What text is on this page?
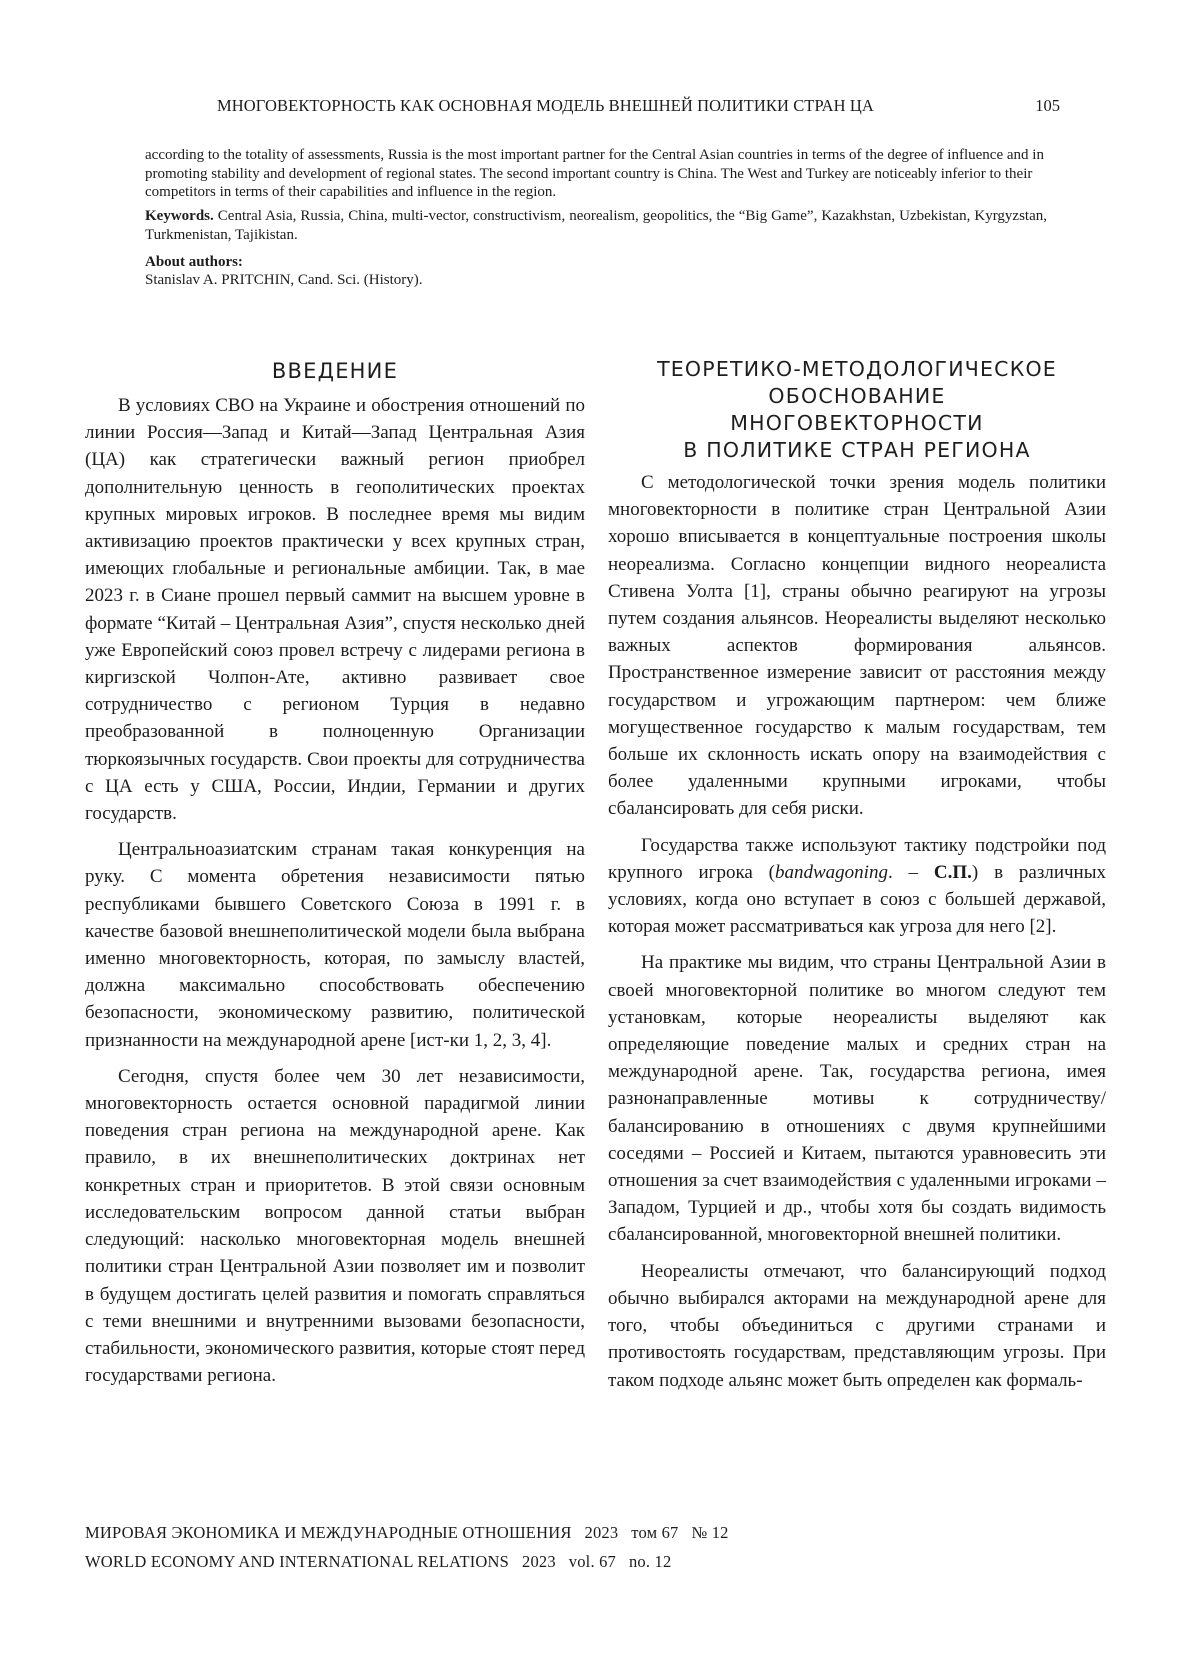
МНОГОВЕКТОРНОСТЬ КАК ОСНОВНАЯ МОДЕЛЬ ВНЕШНЕЙ ПОЛИТИКИ СТРАН ЦА	105

according to the totality of assessments, Russia is the most important partner for the Central Asian countries in terms of the degree of influence and in promoting stability and development of regional states. The second important country is China. The West and Turkey are noticeably inferior to their competitors in terms of their capabilities and influence in the region.

Keywords. Central Asia, Russia, China, multi-vector, constructivism, neorealism, geopolitics, the “Big Game”, Kazakhstan, Uzbekistan, Kyrgyzstan, Turkmenistan, Tajikistan.

About authors:

Stanislav A. PRITCHIN, Cand. Sci. (History).

ВВЕДЕНИЕ

В условиях СВО на Украине и обострения отношений по линии Россия—Запад и Китай—Запад Центральная Азия (ЦА) как стратегически важный регион приобрел дополнительную ценность в геополитических проектах крупных мировых игроков. В последнее время мы видим активизацию проектов практически у всех крупных стран, имеющих глобальные и региональные амбиции. Так, в мае 2023 г. в Сиане прошел первый саммит на высшем уровне в формате “Китай – Центральная Азия”, спустя несколько дней уже Европейский союз провел встречу с лидерами региона в киргизской Чолпон-Ате, активно развивает свое сотрудничество с регионом Турция в недавно преобразованной в полноценную Организации тюркоязычных государств. Свои проекты для сотрудничества с ЦА есть у США, России, Индии, Германии и других государств.

Центральноазиатским странам такая конкуренция на руку. С момента обретения независимости пятью республиками бывшего Советского Союза в 1991 г. в качестве базовой внешнеполитической модели была выбрана именно многовекторность, которая, по замыслу властей, должна максимально способствовать обеспечению безопасности, экономическому развитию, политической признанности на международной арене [ист-ки 1, 2, 3, 4].

Сегодня, спустя более чем 30 лет независимости, многовекторность остается основной парадигмой линии поведения стран региона на международной арене. Как правило, в их внешнеполитических доктринах нет конкретных стран и приоритетов. В этой связи основным исследовательским вопросом данной статьи выбран следующий: насколько многовекторная модель внешней политики стран Центральной Азии позволяет им и позволит в будущем достигать целей развития и помогать справляться с теми внешними и внутренними вызовами безопасности, стабильности, экономического развития, которые стоят перед государствами региона.

ТЕОРЕТИКО-МЕТОДОЛОГИЧЕСКОЕ
ОБОСНОВАНИЕ
МНОГОВЕКТОРНОСТИ
В ПОЛИТИКЕ СТРАН РЕГИОНА

С методологической точки зрения модель политики многовекторности в политике стран Центральной Азии хорошо вписывается в концептуальные построения школы неореализма. Согласно концепции видного неореалиста Стивена Уолта [1], страны обычно реагируют на угрозы путем создания альянсов. Неореалисты выделяют несколько важных аспектов формирования альянсов. Пространственное измерение зависит от расстояния между государством и угрожающим партнером: чем ближе могущественное государство к малым государствам, тем больше их склонность искать опору на взаимодействия с более удаленными крупными игроками, чтобы сбалансировать для себя риски.

Государства также используют тактику подстройки под крупного игрока (bandwagoning. – С.П.) в различных условиях, когда оно вступает в союз с большей державой, которая может рассматриваться как угроза для него [2].

На практике мы видим, что страны Центральной Азии в своей многовекторной политике во многом следуют тем установкам, которые неореалисты выделяют как определяющие поведение малых и средних стран на международной арене. Так, государства региона, имея разнонаправленные мотивы к сотрудничеству/балансированию в отношениях с двумя крупнейшими соседями – Россией и Китаем, пытаются уравновесить эти отношения за счет взаимодействия с удаленными игроками – Западом, Турцией и др., чтобы хотя бы создать видимость сбалансированной, многовекторной внешней политики.

Неореалисты отмечают, что балансирующий подход обычно выбирался акторами на международной арене для того, чтобы объединиться с другими странами и противостоять государствам, представляющим угрозы. При таком подходе альянс может быть определен как формаль-

МИРОВАЯ ЭКОНОМИКА И МЕЖДУНАРОДНЫЕ ОТНОШЕНИЯ   2023   том 67   № 12
WORLD ECONOMY AND INTERNATIONAL RELATIONS   2023   vol. 67   no. 12
